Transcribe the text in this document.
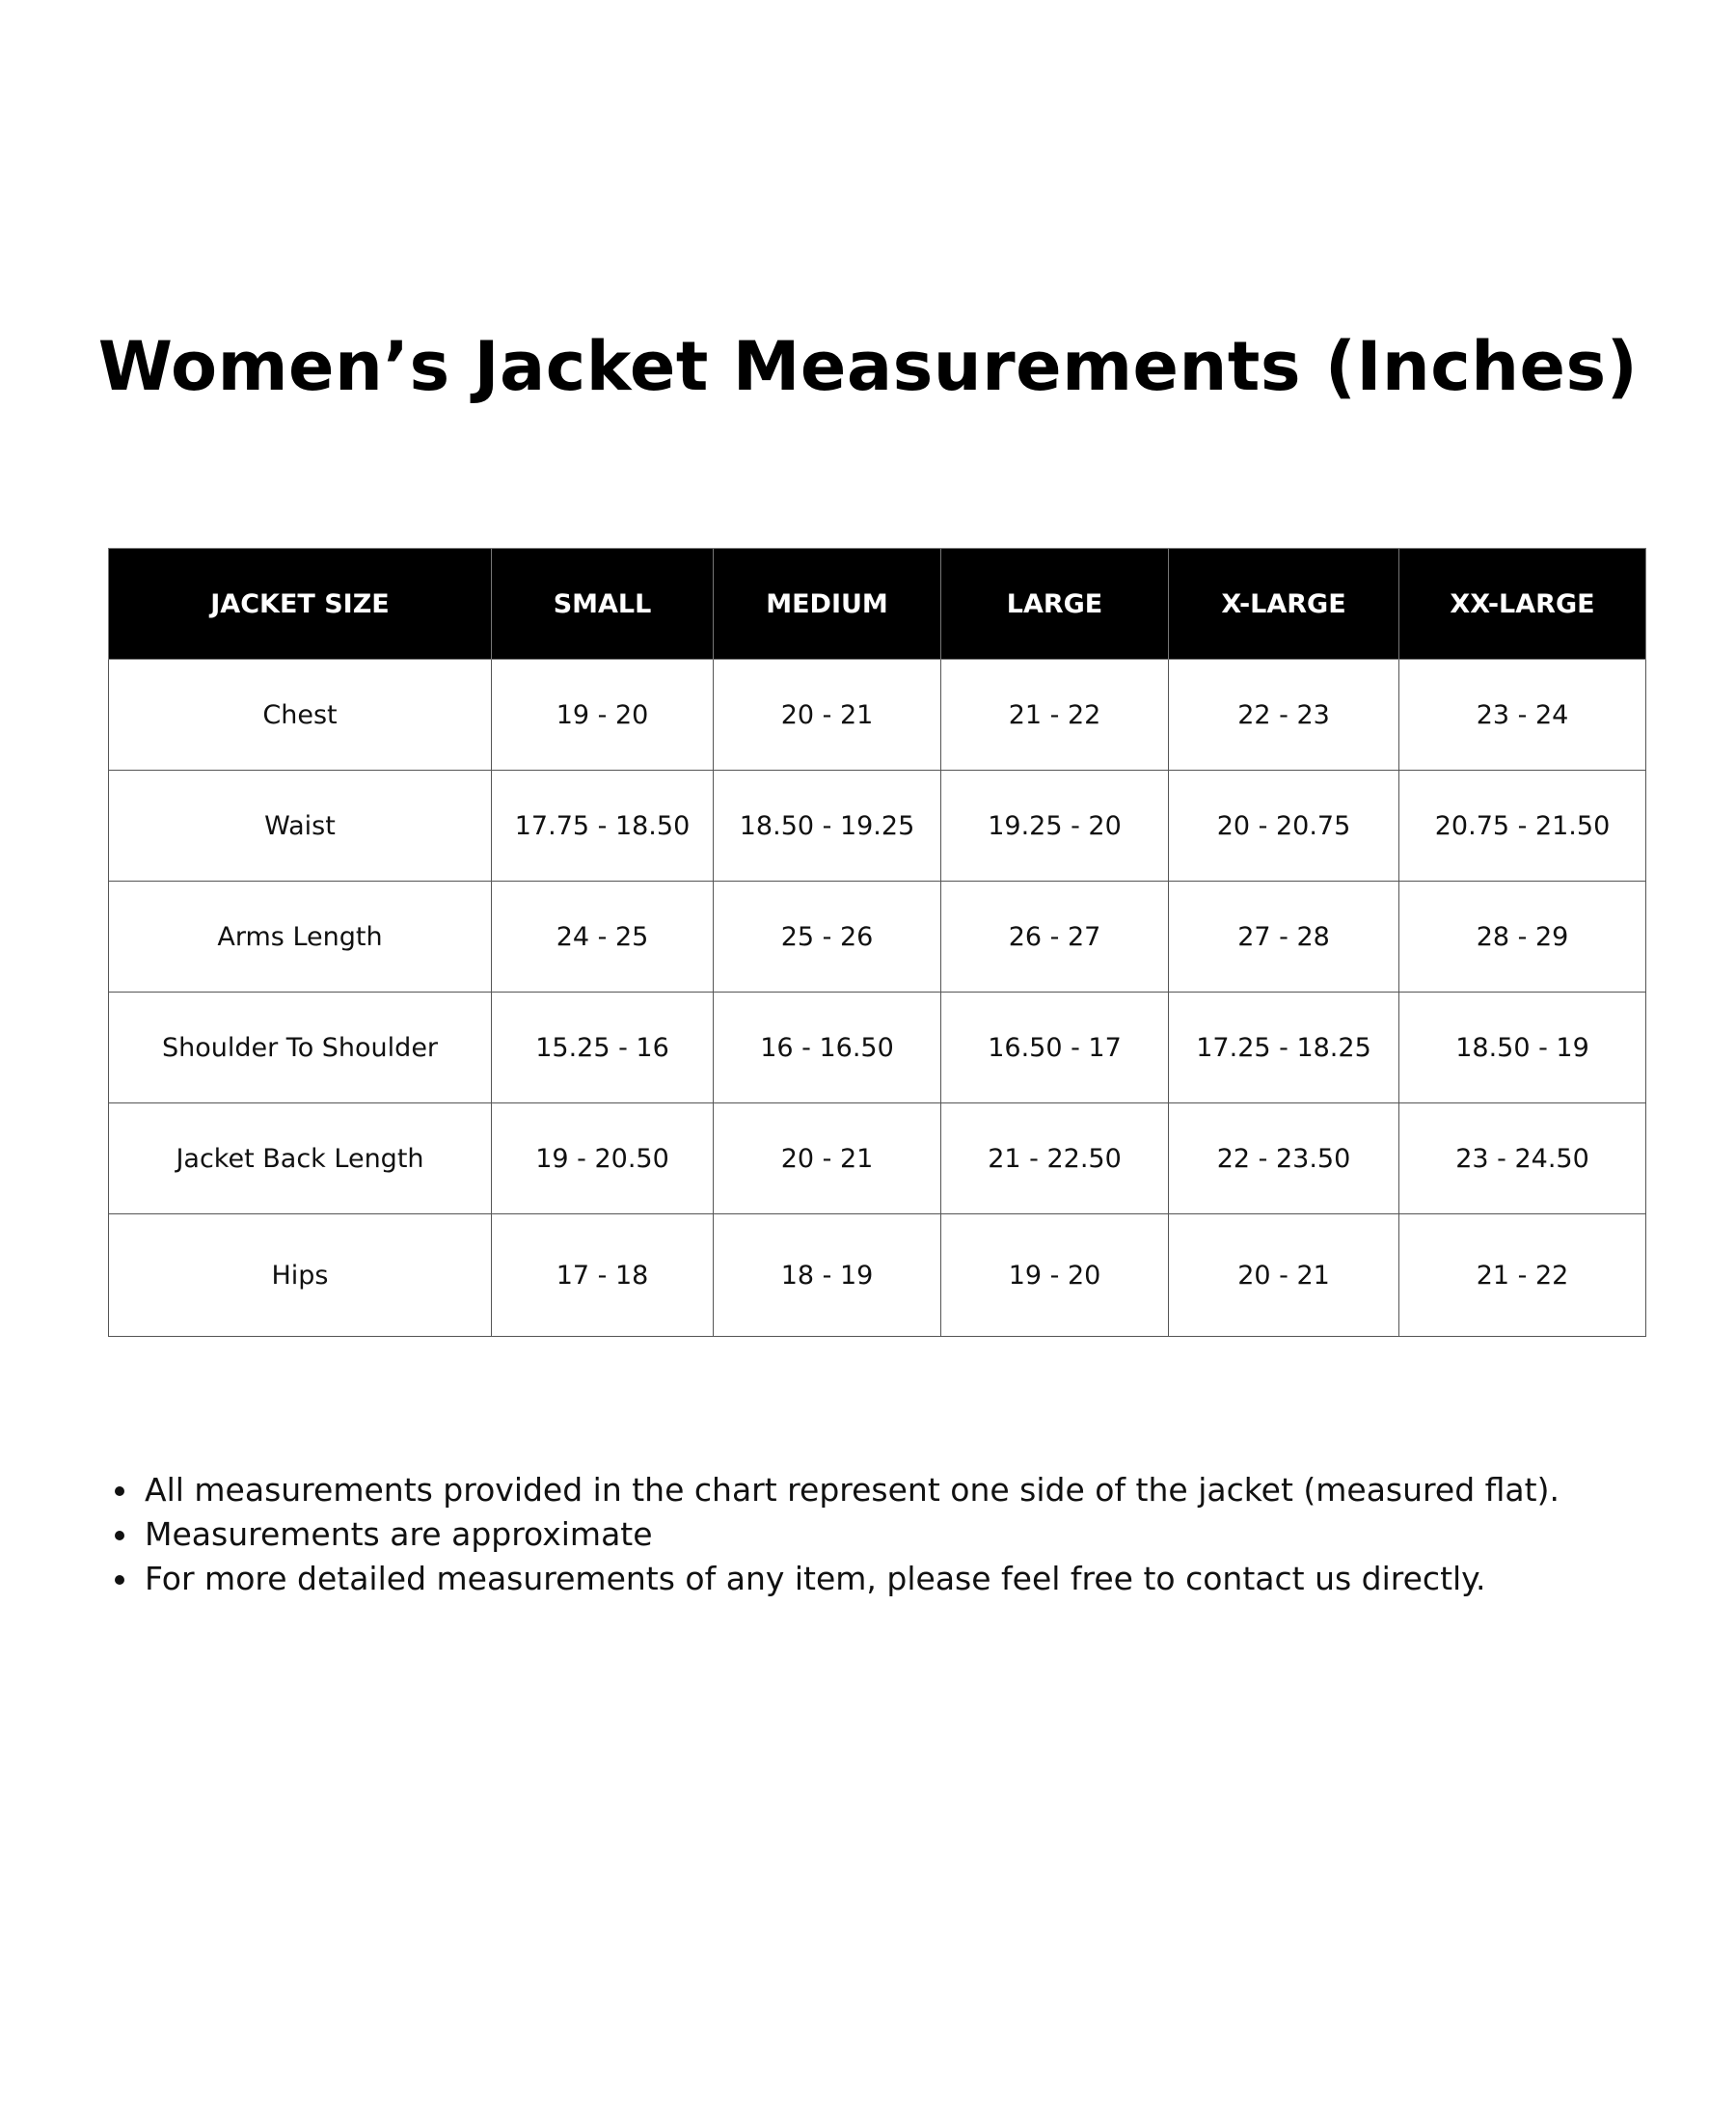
Women’s Jacket Measurements (Inches)
JACKET SIZE	SMALL	MEDIUM	LARGE	X-LARGE	XX-LARGE
Chest	19 - 20	20 - 21	21 - 22	22 - 23	23 - 24
Waist	17.75 - 18.50	18.50 - 19.25	19.25 - 20	20 - 20.75	20.75 - 21.50
Arms Length	24 - 25	25 - 26	26 - 27	27 - 28	28 - 29
Shoulder To Shoulder	15.25 - 16	16 - 16.50	16.50 - 17	17.25 - 18.25	18.50 - 19
Jacket Back Length	19 - 20.50	20 - 21	21 - 22.50	22 - 23.50	23 - 24.50
Hips	17 - 18	18 - 19	19 - 20	20 - 21	21 - 22
• All measurements provided in the chart represent one side of the jacket (measured flat).
• Measurements are approximate
• For more detailed measurements of any item, please feel free to contact us directly.
